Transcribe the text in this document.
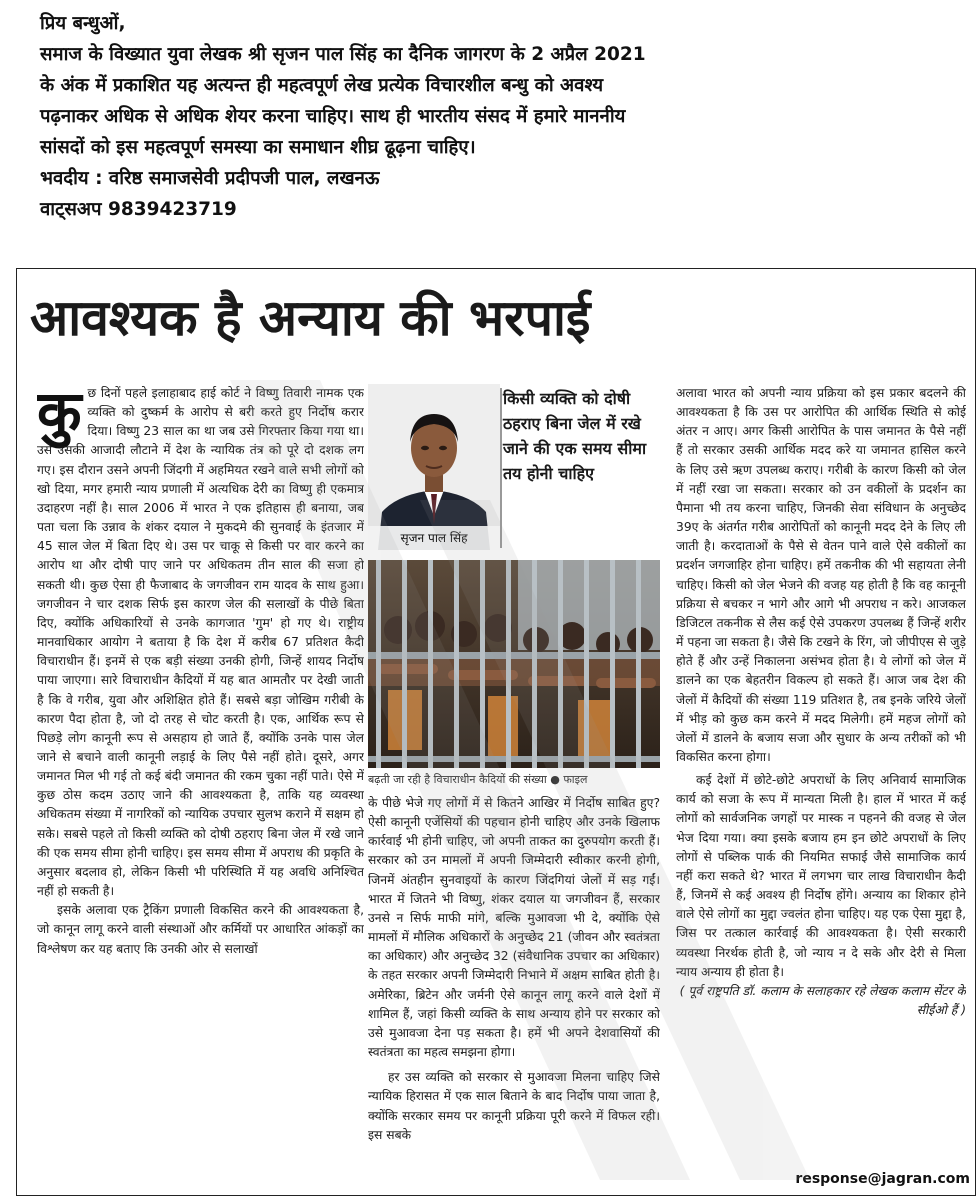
प्रिय बन्धुओं,

समाज के विख्यात युवा लेखक श्री सृजन पाल सिंह का दैनिक जागरण के 2 अप्रैल 2021

के अंक में प्रकाशित यह अत्यन्त ही महत्वपूर्ण लेख प्रत्येक विचारशील बन्धु को अवश्य

पढ़नाकर अधिक से अधिक शेयर करना चाहिए। साथ ही भारतीय संसद में हमारे माननीय

सांसदों को इस महत्वपूर्ण समस्या का समाधान शीघ्र ढूढ़ना चाहिए।

भवदीय : वरिष्ठ समाजसेवी प्रदीपजी पाल, लखनऊ

वाट्सअप 9839423719

आवश्यक है अन्याय की भरपाई

कुछ दिनों पहले इलाहाबाद हाई कोर्ट ने विष्णु तिवारी नामक एक व्यक्ति को दुष्कर्म के आरोप से बरी करते हुए निर्दोष करार दिया। विष्णु 23 साल का था जब उसे गिरफ्तार किया गया था। उसे उसकी आजादी लौटाने में देश के न्यायिक तंत्र को पूरे दो दशक लग गए। इस दौरान उसने अपनी जिंदगी में अहमियत रखने वाले सभी लोगों को खो दिया, मगर हमारी न्याय प्रणाली में अत्यधिक देरी का विष्णु ही एकमात्र उदाहरण नहीं है। साल 2006 में भारत ने एक इतिहास ही बनाया, जब पता चला कि उन्नाव के शंकर दयाल ने मुकदमे की सुनवाई के इंतजार में 45 साल जेल में बिता दिए थे। उस पर चाकू से किसी पर वार करने का आरोप था और दोषी पाए जाने पर अधिकतम तीन साल की सजा हो सकती थी। कुछ ऐसा ही फैजाबाद के जगजीवन राम यादव के साथ हुआ। जगजीवन ने चार दशक सिर्फ इस कारण जेल की सलाखों के पीछे बिता दिए, क्योंकि अधिकारियों से उनके कागजात 'गुम' हो गए थे। राष्ट्रीय मानवाधिकार आयोग ने बताया है कि देश में करीब 67 प्रतिशत कैदी विचाराधीन हैं। इनमें से एक बड़ी संख्या उनकी होगी, जिन्हें शायद निर्दोष पाया जाएगा। सारे विचाराधीन कैदियों में यह बात आमतौर पर देखी जाती है कि वे गरीब, युवा और अशिक्षित होते हैं। सबसे बड़ा जोखिम गरीबी के कारण पैदा होता है, जो दो तरह से चोट करती है। एक, आर्थिक रूप से पिछड़े लोग कानूनी रूप से असहाय हो जाते हैं, क्योंकि उनके पास जेल जाने से बचाने वाली कानूनी लड़ाई के लिए पैसे नहीं होते। दूसरे, अगर जमानत मिल भी गई तो कई बंदी जमानत की रकम चुका नहीं पाते। ऐसे में कुछ ठोस कदम उठाए जाने की आवश्यकता है, ताकि यह व्यवस्था अधिकतम संख्या में नागरिकों को न्यायिक उपचार सुलभ कराने में सक्षम हो सके। सबसे पहले तो किसी व्यक्ति को दोषी ठहराए बिना जेल में रखे जाने की एक समय सीमा होनी चाहिए। इस समय सीमा में अपराध की प्रकृति के अनुसार बदलाव हो, लेकिन किसी भी परिस्थिति में यह अवधि अनिश्चित नहीं हो सकती है।

इसके अलावा एक ट्रैकिंग प्रणाली विकसित करने की आवश्यकता है, जो कानून लागू करने वाली संस्थाओं और कर्मियों पर आधारित आंकड़ों का विश्लेषण कर यह बताए कि उनकी ओर से सलाखों

सृजन पाल सिंह
किसी व्यक्ति को दोषी ठहराए बिना जेल में रखे जाने की एक समय सीमा तय होनी चाहिए
बढ़ती जा रही है विचाराधीन कैदियों की संख्या ● फाइल

के पीछे भेजे गए लोगों में से कितने आखिर में निर्दोष साबित हुए? ऐसी कानूनी एजेंसियों की पहचान होनी चाहिए और उनके खिलाफ कार्रवाई भी होनी चाहिए, जो अपनी ताकत का दुरुपयोग करती हैं। सरकार को उन मामलों में अपनी जिम्मेदारी स्वीकार करनी होगी, जिनमें अंतहीन सुनवाइयों के कारण जिंदगियां जेलों में सड़ गईं। भारत में जितने भी विष्णु, शंकर दयाल या जगजीवन हैं, सरकार उनसे न सिर्फ माफी मांगे, बल्कि मुआवजा भी दे, क्योंकि ऐसे मामलों में मौलिक अधिकारों के अनुच्छेद 21 (जीवन और स्वतंत्रता का अधिकार) और अनुच्छेद 32 (संवैधानिक उपचार का अधिकार) के तहत सरकार अपनी जिम्मेदारी निभाने में अक्षम साबित होती है। अमेरिका, ब्रिटेन और जर्मनी ऐसे कानून लागू करने वाले देशों में शामिल हैं, जहां किसी व्यक्ति के साथ अन्याय होने पर सरकार को उसे मुआवजा देना पड़ सकता है। हमें भी अपने देशवासियों की स्वतंत्रता का महत्व समझना होगा।

हर उस व्यक्ति को सरकार से मुआवजा मिलना चाहिए जिसे न्यायिक हिरासत में एक साल बिताने के बाद निर्दोष पाया जाता है, क्योंकि सरकार समय पर कानूनी प्रक्रिया पूरी करने में विफल रही। इस सबके

अलावा भारत को अपनी न्याय प्रक्रिया को इस प्रकार बदलने की आवश्यकता है कि उस पर आरोपित की आर्थिक स्थिति से कोई अंतर न आए। अगर किसी आरोपित के पास जमानत के पैसे नहीं हैं तो सरकार उसकी आर्थिक मदद करे या जमानत हासिल करने के लिए उसे ऋण उपलब्ध कराए। गरीबी के कारण किसी को जेल में नहीं रखा जा सकता। सरकार को उन वकीलों के प्रदर्शन का पैमाना भी तय करना चाहिए, जिनकी सेवा संविधान के अनुच्छेद 39ए के अंतर्गत गरीब आरोपितों को कानूनी मदद देने के लिए ली जाती है। करदाताओं के पैसे से वेतन पाने वाले ऐसे वकीलों का प्रदर्शन जगजाहिर होना चाहिए। हमें तकनीक की भी सहायता लेनी चाहिए। किसी को जेल भेजने की वजह यह होती है कि वह कानूनी प्रक्रिया से बचकर न भागे और आगे भी अपराध न करे। आजकल डिजिटल तकनीक से लैस कई ऐसे उपकरण उपलब्ध हैं जिन्हें शरीर में पहना जा सकता है। जैसे कि टखने के रिंग, जो जीपीएस से जुड़े होते हैं और उन्हें निकालना असंभव होता है। ये लोगों को जेल में डालने का एक बेहतरीन विकल्प हो सकते हैं। आज जब देश की जेलों में कैदियों की संख्या 119 प्रतिशत है, तब इनके जरिये जेलों में भीड़ को कुछ कम करने में मदद मिलेगी। हमें महज लोगों को जेलों में डालने के बजाय सजा और सुधार के अन्य तरीकों को भी विकसित करना होगा।

कई देशों में छोटे-छोटे अपराधों के लिए अनिवार्य सामाजिक कार्य को सजा के रूप में मान्यता मिली है। हाल में भारत में कई लोगों को सार्वजनिक जगहों पर मास्क न पहनने की वजह से जेल भेज दिया गया। क्या इसके बजाय हम इन छोटे अपराधों के लिए लोगों से पब्लिक पार्क की नियमित सफाई जैसे सामाजिक कार्य नहीं करा सकते थे? भारत में लगभग चार लाख विचाराधीन कैदी हैं, जिनमें से कई अवश्य ही निर्दोष होंगे। अन्याय का शिकार होने वाले ऐसे लोगों का मुद्दा ज्वलंत होना चाहिए। यह एक ऐसा मुद्दा है, जिस पर तत्काल कार्रवाई की आवश्यकता है। ऐसी सरकारी व्यवस्था निरर्थक होती है, जो न्याय न दे सके और देरी से मिला न्याय अन्याय ही होता है।

( पूर्व राष्ट्रपति डॉ. कलाम के सलाहकार रहे लेखक कलाम सेंटर के सीईओ हैं )

response@jagran.com
